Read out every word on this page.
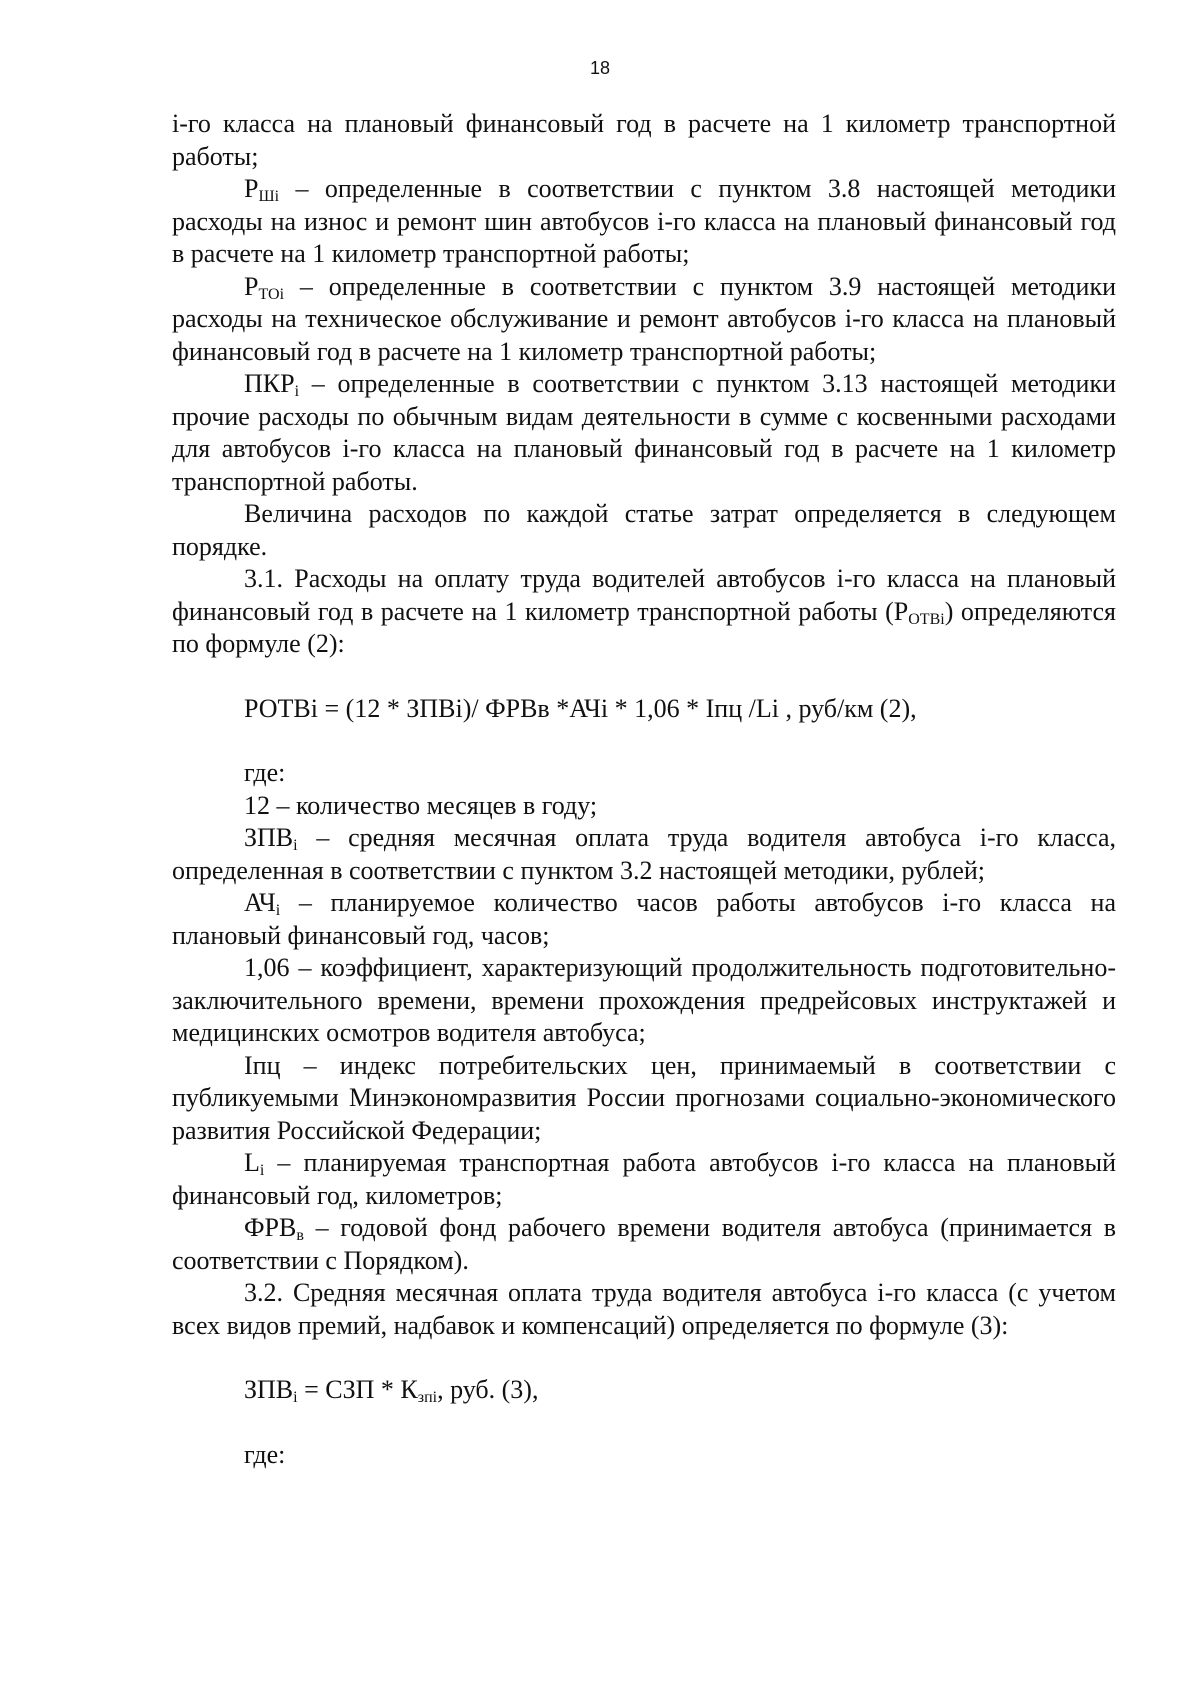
18

i-го класса на плановый финансовый год в расчете на 1 километр транспортной работы;

$Р_{Шi}$ – определенные в соответствии с пунктом 3.8 настоящей методики расходы на износ и ремонт шин автобусов i-го класса на плановый финансовый год в расчете на 1 километр транспортной работы;

$Р_{ТОi}$ – определенные в соответствии с пунктом 3.9 настоящей методики расходы на техническое обслуживание и ремонт автобусов i-го класса на плановый финансовый год в расчете на 1 километр транспортной работы;

$ПКР_i$ – определенные в соответствии с пунктом 3.13 настоящей методики прочие расходы по обычным видам деятельности в сумме с косвенными расходами для автобусов i-го класса на плановый финансовый год в расчете на 1 километр транспортной работы.

Величина расходов по каждой статье затрат определяется в следующем порядке.

3.1. Расходы на оплату труда водителей автобусов i-го класса на плановый финансовый год в расчете на 1 километр транспортной работы $(Р_{ОТВi})$ определяются по формуле (2):

РОТВi = (12 * ЗПВi)/ ФРВв *АЧi * 1,06 * Iпц /Li , руб/км (2),

где:

12 – количество месяцев в году;

$ЗПВ_i$ – средняя месячная оплата труда водителя автобуса i-го класса, определенная в соответствии с пунктом 3.2 настоящей методики, рублей;

$АЧ_i$ – планируемое количество часов работы автобусов i-го класса на плановый финансовый год, часов;

1,06 – коэффициент, характеризующий продолжительность подготовительно-заключительного времени, времени прохождения предрейсовых инструктажей и медицинских осмотров водителя автобуса;

Iпц – индекс потребительских цен, принимаемый в соответствии с публикуемыми Минэкономразвития России прогнозами социально-экономического развития Российской Федерации;

$L_i$ – планируемая транспортная работа автобусов i-го класса на плановый финансовый год, километров;

$ФРВ_в$ – годовой фонд рабочего времени водителя автобуса (принимается в соответствии с Порядком).

3.2. Средняя месячная оплата труда водителя автобуса i-го класса (с учетом всех видов премий, надбавок и компенсаций) определяется по формуле (3):

$ЗПВ_i$ = СЗП * $К_{зпi}$, руб. (3),

где:
